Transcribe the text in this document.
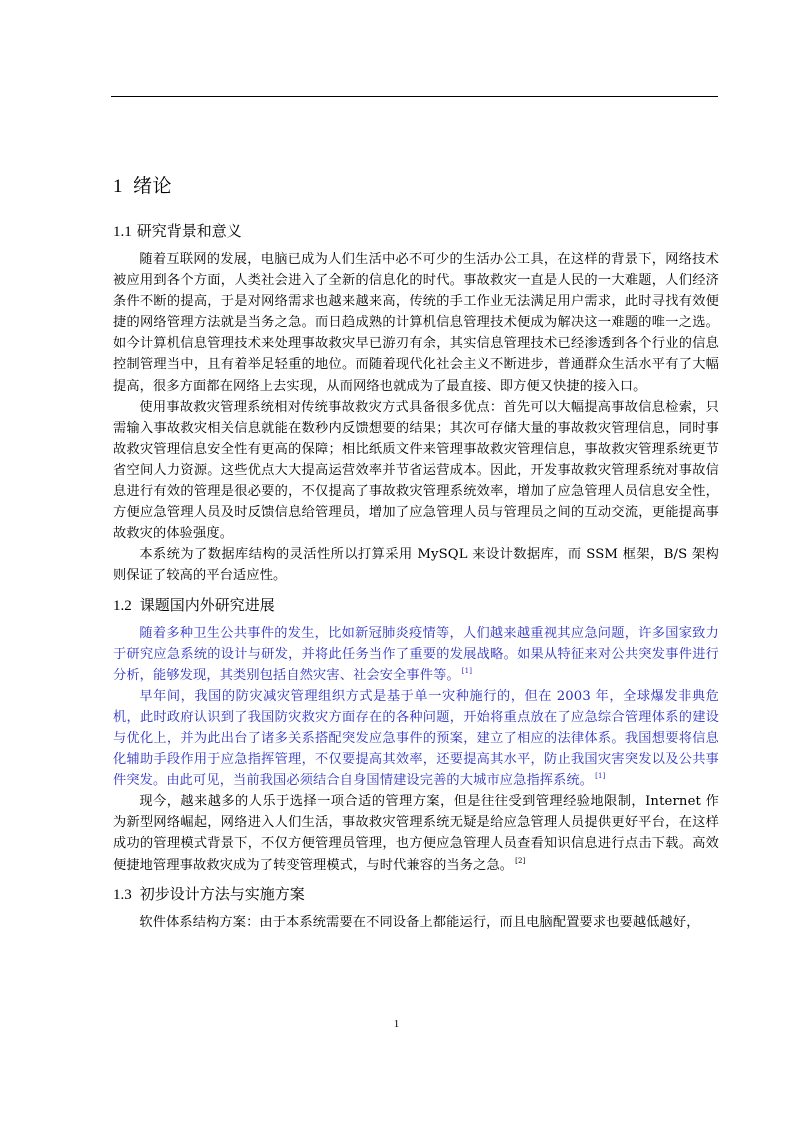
1 绪论
1.1 研究背景和意义

随着互联网的发展，电脑已成为人们生活中必不可少的生活办公工具，在这样的背景下，网络技术被应用到各个方面，人类社会进入了全新的信息化的时代。事故救灾一直是人民的一大难题，人们经济条件不断的提高，于是对网络需求也越来越来高，传统的手工作业无法满足用户需求，此时寻找有效便捷的网络管理方法就是当务之急。而日趋成熟的计算机信息管理技术便成为解决这一难题的唯一之选。如今计算机信息管理技术来处理事故救灾早已游刃有余，其实信息管理技术已经渗透到各个行业的信息控制管理当中，且有着举足轻重的地位。而随着现代化社会主义不断进步，普通群众生活水平有了大幅提高，很多方面都在网络上去实现，从而网络也就成为了最直接、即方便又快捷的接入口。

使用事故救灾管理系统相对传统事故救灾方式具备很多优点：首先可以大幅提高事故信息检索，只需输入事故救灾相关信息就能在数秒内反馈想要的结果；其次可存储大量的事故救灾管理信息，同时事故救灾管理信息安全性有更高的保障；相比纸质文件来管理事故救灾管理信息，事故救灾管理系统更节省空间人力资源。这些优点大大提高运营效率并节省运营成本。因此，开发事故救灾管理系统对事故信息进行有效的管理是很必要的，不仅提高了事故救灾管理系统效率，增加了应急管理人员信息安全性，方便应急管理人员及时反馈信息给管理员，增加了应急管理人员与管理员之间的互动交流，更能提高事故救灾的体验强度。

本系统为了数据库结构的灵活性所以打算采用 MySQL 来设计数据库，而 SSM 框架，B/S 架构则保证了较高的平台适应性。

1.2 课题国内外研究进展

随着多种卫生公共事件的发生，比如新冠肺炎疫情等，人们越来越重视其应急问题，许多国家致力于研究应急系统的设计与研发，并将此任务当作了重要的发展战略。如果从特征来对公共突发事件进行分析，能够发现，其类别包括自然灾害、社会安全事件等。 [1]

早年间，我国的防灾减灾管理组织方式是基于单一灾种施行的，但在 2003 年，全球爆发非典危机，此时政府认识到了我国防灾救灾方面存在的各种问题，开始将重点放在了应急综合管理体系的建设与优化上，并为此出台了诸多关系搭配突发应急事件的预案，建立了相应的法律体系。我国想要将信息化辅助手段作用于应急指挥管理，不仅要提高其效率，还要提高其水平，防止我国灾害突发以及公共事件突发。由此可见，当前我国必须结合自身国情建设完善的大城市应急指挥系统。 [1]

现今，越来越多的人乐于选择一项合适的管理方案，但是往往受到管理经验地限制，Internet 作为新型网络崛起，网络进入人们生活，事故救灾管理系统无疑是给应急管理人员提供更好平台，在这样成功的管理模式背景下，不仅方便管理员管理，也方便应急管理人员查看知识信息进行点击下载。高效便捷地管理事故救灾成为了转变管理模式，与时代兼容的当务之急。 [2]

1.3 初步设计方法与实施方案

软件体系结构方案：由于本系统需要在不同设备上都能运行，而且电脑配置要求也要越低越好，

1
